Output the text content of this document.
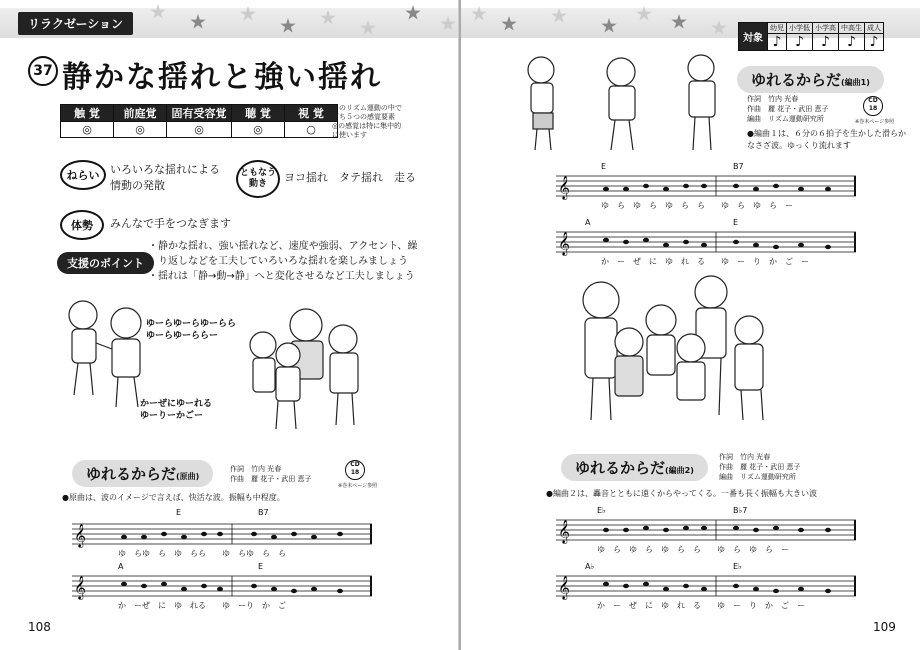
リラクゼーション
37 静かな揺れと強い揺れ
触 覚	前庭覚	固有受容覚	聴 覚	視 覚
◎	◎	◎	◎	○
このリズム運動の中で
育ち５つの感覚要素
◎の感覚は特に集中的
に使います
ねらい いろいろな揺れによる
情動の発散
ともなう
動き ヨコ揺れ　タテ揺れ　走る
体勢	みんなで手をつなぎます
支援のポイント
・静かな揺れ、強い揺れなど、速度や強弱、アクセント、繰
　り返しなどを工夫していろいろな揺れを楽しみましょう
・揺れは「静→動→静」へと変化させるなど工夫しましょう
ゆーらゆーらゆーらら
ゆーらゆーららー
かーぜにゆーれる
ゆーりーかごー
ゆれるからだ(原曲)
作詞　竹内 光春
作曲　麗 花子・武田 恵子
CD
18
※巻末ページ参照
●原曲は、波のイメージで言えば、快活な波。振幅も中程度。
𝄞
E	B7
ゆ　らゆ　ら　ゆ　らら　　ゆ　らゆ　ら　ら
𝄞
A	E
か　ーぜ　に　ゆ　れる　　ゆ　ーり　か　ご
108
対象	幼児	小学低	小学高	中高生	成人
	♪	♪	♪	♪	♪
ゆれるからだ(編曲1)
作詞　竹内 光春
作曲　麗 花子・武田 恵子
編曲　リズム運動研究所
CD
18
※巻末ページ参照
●編曲１は、６分の６拍子を生かした滑らか
なさざ波。ゆっくり流れます
𝄞
E	B7
ゆ　ら　ゆ　ら　ゆ　ら　ら　　ゆ　ら　ゆ　ら　ー
𝄞
A	E
か　ー　ぜ　に　ゆ　れ　る　　ゆ　ー　り　か　ご　ー
ゆれるからだ(編曲2)
作詞　竹内 光春
作曲　麗 花子・武田 恵子
編曲　リズム運動研究所
●編曲２は、轟音とともに遠くからやってくる。一番も長く振幅も大きい波
𝄞
E♭	B♭7
ゆ　ら　ゆ　ら　ゆ　ら　ら　　ゆ　ら　ゆ　ら　ー
𝄞
A♭	E♭
か　ー　ぜ　に　ゆ　れ　る　　ゆ　ー　り　か　ご　ー
109
